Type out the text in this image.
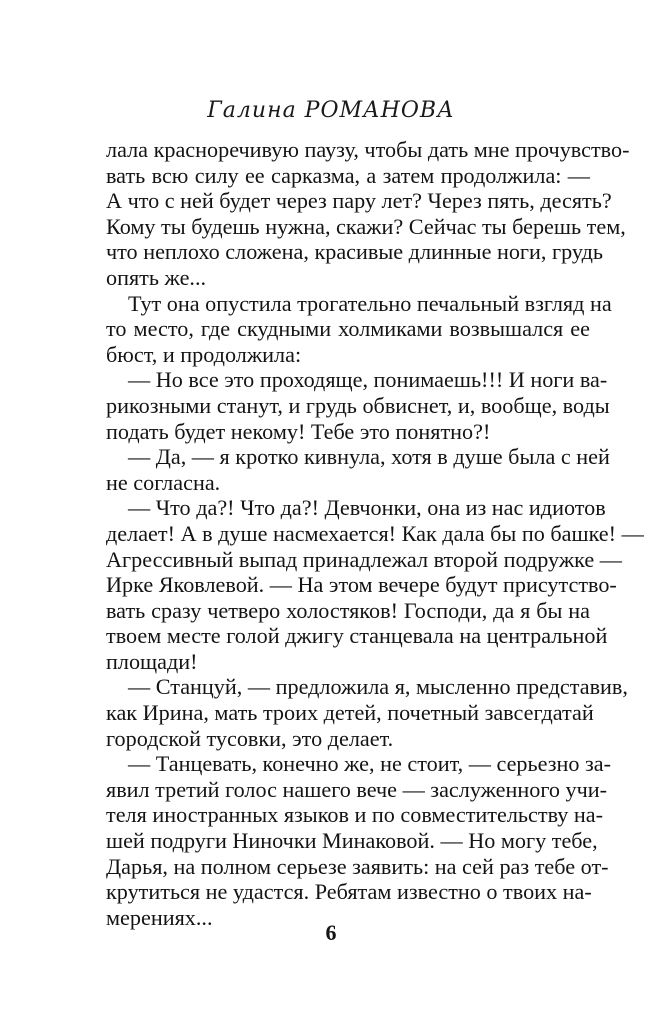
Галина РОМАНОВА
лала красноречивую паузу, чтобы дать мне прочувство-
вать всю силу ее сарказма, а затем продолжила: —
А что с ней будет через пару лет? Через пять, десять?
Кому ты будешь нужна, скажи? Сейчас ты берешь тем,
что неплохо сложена, красивые длинные ноги, грудь
опять же...
Тут она опустила трогательно печальный взгляд на
то место, где скудными холмиками возвышался ее
бюст, и продолжила:
— Но все это проходяще, понимаешь!!! И ноги ва-
рикозными станут, и грудь обвиснет, и, вообще, воды
подать будет некому! Тебе это понятно?!
— Да, — я кротко кивнула, хотя в душе была с ней
не согласна.
— Что да?! Что да?! Девчонки, она из нас идиотов
делает! А в душе насмехается! Как дала бы по башке! —
Агрессивный выпад принадлежал второй подружке —
Ирке Яковлевой. — На этом вечере будут присутство-
вать сразу четверо холостяков! Господи, да я бы на
твоем месте голой джигу станцевала на центральной
площади!
— Станцуй, — предложила я, мысленно представив,
как Ирина, мать троих детей, почетный завсегдатай
городской тусовки, это делает.
— Танцевать, конечно же, не стоит, — серьезно за-
явил третий голос нашего вече — заслуженного учи-
теля иностранных языков и по совместительству на-
шей подруги Ниночки Минаковой. — Но могу тебе,
Дарья, на полном серьезе заявить: на сей раз тебе от-
крутиться не удастся. Ребятам известно о твоих на-
мерениях...
6
